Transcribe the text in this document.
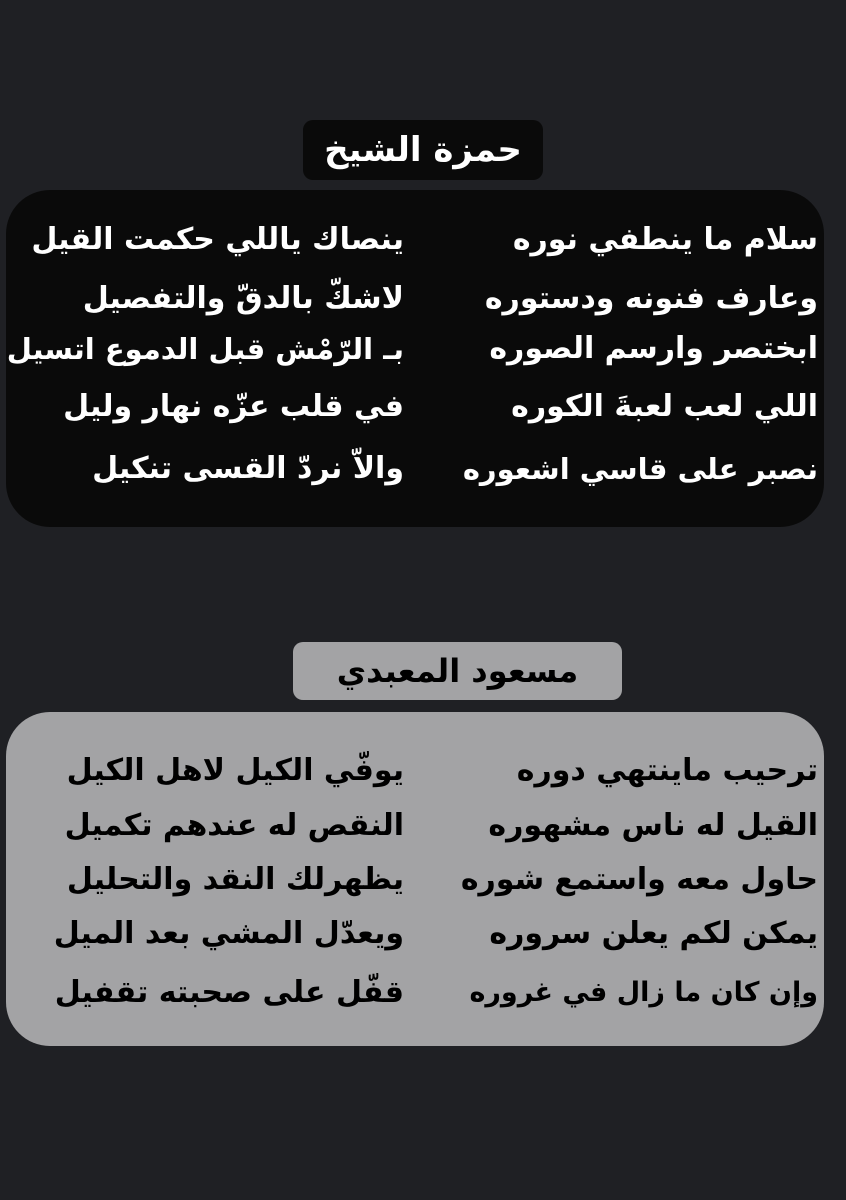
حمزة الشيخ
سلام ما ينطفي نوره
ينصاك ياللي حكمت القيل
وعارف فنونه ودستوره
لاشكّ بالدقّ والتفصيل
ابختصر وارسم الصوره
بـ الرّمْش قبل الدموع اتسيل
اللي لعب لعبةَ الكوره
في قلب عزّه نهار وليل
نصبر على قاسي اشعوره
والاّ نردّ القسى تنكيل
مسعود المعبدي
ترحيب ماينتهي دوره
يوفّي الكيل لاهل الكيل
القيل له ناس مشهوره
النقص له عندهم تكميل
حاول معه واستمع شوره
يظهرلك النقد والتحليل
يمكن لكم يعلن سروره
ويعدّل المشي بعد الميل
وإن كان ما زال في غروره
قفّل على صحبته تقفيل
